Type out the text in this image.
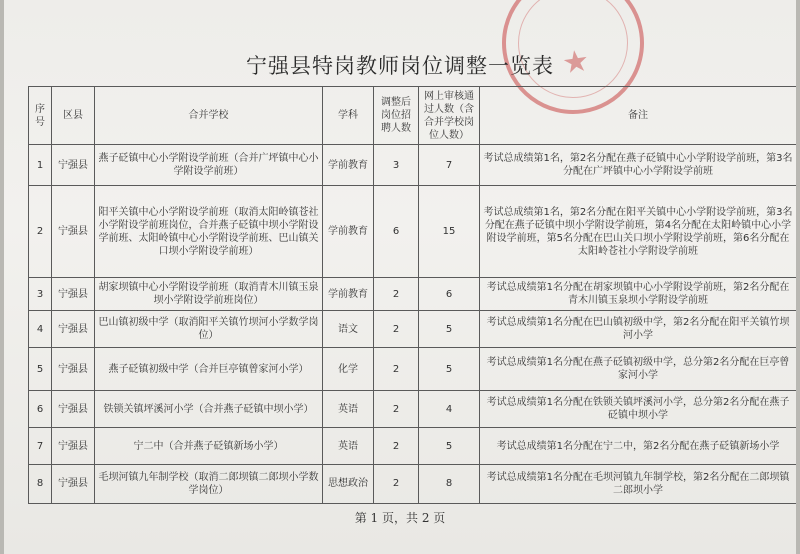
★
宁强县特岗教师岗位调整一览表
序号	区县	合并学校	学科	调整后岗位招聘人数	网上审核通过人数（含合并学校岗位人数）	备注
1	宁强县	燕子砭镇中心小学附设学前班（合并广坪镇中心小学附设学前班）	学前教育	3	7	考试总成绩第1名，第2名分配在燕子砭镇中心小学附设学前班，第3名分配在广坪镇中心小学附设学前班
2	宁强县	阳平关镇中心小学附设学前班（取消太阳岭镇苍社小学附设学前班岗位，合并燕子砭镇中坝小学附设学前班、太阳岭镇中心小学附设学前班、巴山镇关口坝小学附设学前班）	学前教育	6	15	考试总成绩第1名，第2名分配在阳平关镇中心小学附设学前班，第3名分配在燕子砭镇中坝小学附设学前班，第4名分配在太阳岭镇中心小学附设学前班，第5名分配在巴山关口坝小学附设学前班，第6名分配在太阳岭苍社小学附设学前班
3	宁强县	胡家坝镇中心小学附设学前班（取消青木川镇玉泉坝小学附设学前班岗位）	学前教育	2	6	考试总成绩第1名分配在胡家坝镇中心小学附设学前班，第2名分配在青木川镇玉泉坝小学附设学前班
4	宁强县	巴山镇初级中学（取消阳平关镇竹坝河小学数学岗位）	语文	2	5	考试总成绩第1名分配在巴山镇初级中学，第2名分配在阳平关镇竹坝河小学
5	宁强县	燕子砭镇初级中学（合并巨亭镇曾家河小学）	化学	2	5	考试总成绩第1名分配在燕子砭镇初级中学，总分第2名分配在巨亭曾家河小学
6	宁强县	铁锁关镇坪溪河小学（合并燕子砭镇中坝小学）	英语	2	4	考试总成绩第1名分配在铁锁关镇坪溪河小学，总分第2名分配在燕子砭镇中坝小学
7	宁强县	宁二中（合并燕子砭镇新场小学）	英语	2	5	考试总成绩第1名分配在宁二中，第2名分配在燕子砭镇新场小学
8	宁强县	毛坝河镇九年制学校（取消二郎坝镇二郎坝小学数学岗位）	思想政治	2	8	考试总成绩第1名分配在毛坝河镇九年制学校，第2名分配在二郎坝镇二郎坝小学
第 1 页，共 2 页
